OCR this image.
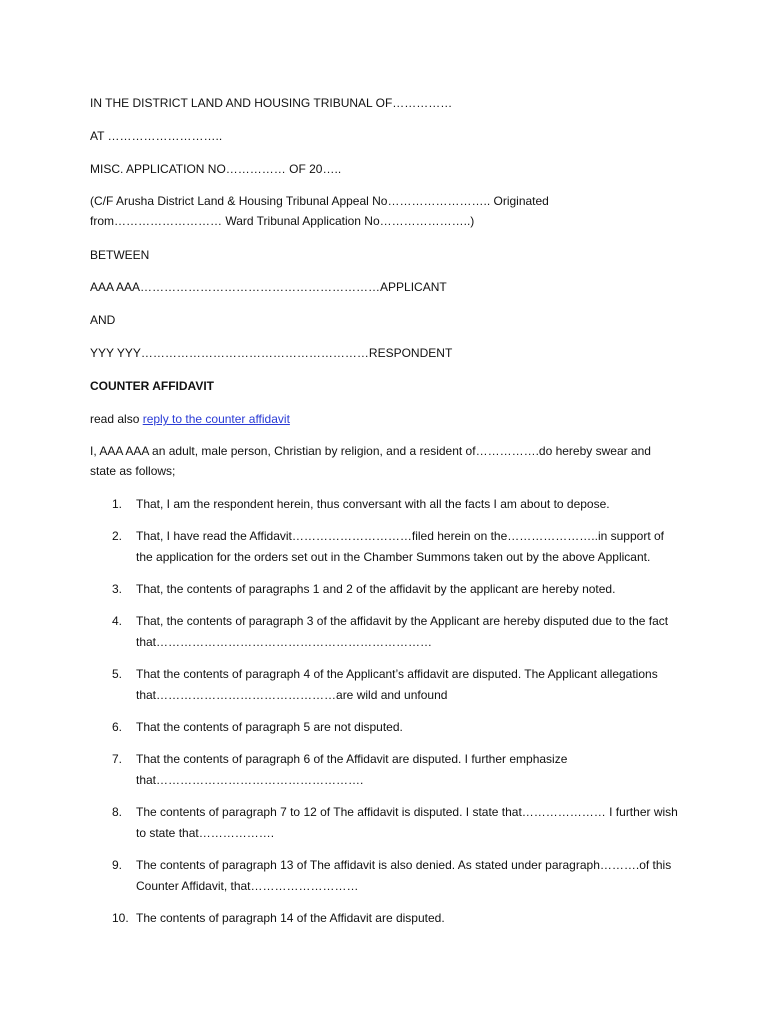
IN THE DISTRICT LAND AND HOUSING TRIBUNAL OF……………
AT ………………………..
MISC. APPLICATION NO…………… OF 20…..
(C/F Arusha District Land & Housing Tribunal Appeal No…………………….. Originated from……………………… Ward Tribunal Application No…………………..)
BETWEEN
AAA AAA……………………………………………………APPLICANT
AND
YYY YYY…………………………………………………RESPONDENT
COUNTER AFFIDAVIT
read also reply to the counter affidavit
I, AAA AAA an adult, male person, Christian by religion, and a resident of…………….do hereby swear and state as follows;
1. That, I am the respondent herein, thus conversant with all the facts I am about to depose.
2. That, I have read the Affidavit…………………………filed herein on the…………………..in support of the application for the orders set out in the Chamber Summons taken out by the above Applicant.
3. That, the contents of paragraphs 1 and 2 of the affidavit by the applicant are hereby noted.
4. That, the contents of paragraph 3 of the affidavit by the Applicant are hereby disputed due to the fact that……………………………………………………………
5. That the contents of paragraph 4 of the Applicant’s affidavit are disputed. The Applicant allegations that………………………………………are wild and unfound
6. That the contents of paragraph 5 are not disputed.
7. That the contents of paragraph 6 of the Affidavit are disputed. I further emphasize that…………………………………………….
8. The contents of paragraph 7 to 12 of The affidavit is disputed. I state that………………… I further wish to state that……………….
9. The contents of paragraph 13 of The affidavit is also denied. As stated under paragraph……….of this Counter Affidavit, that………………………
10. The contents of paragraph 14 of the Affidavit are disputed.
